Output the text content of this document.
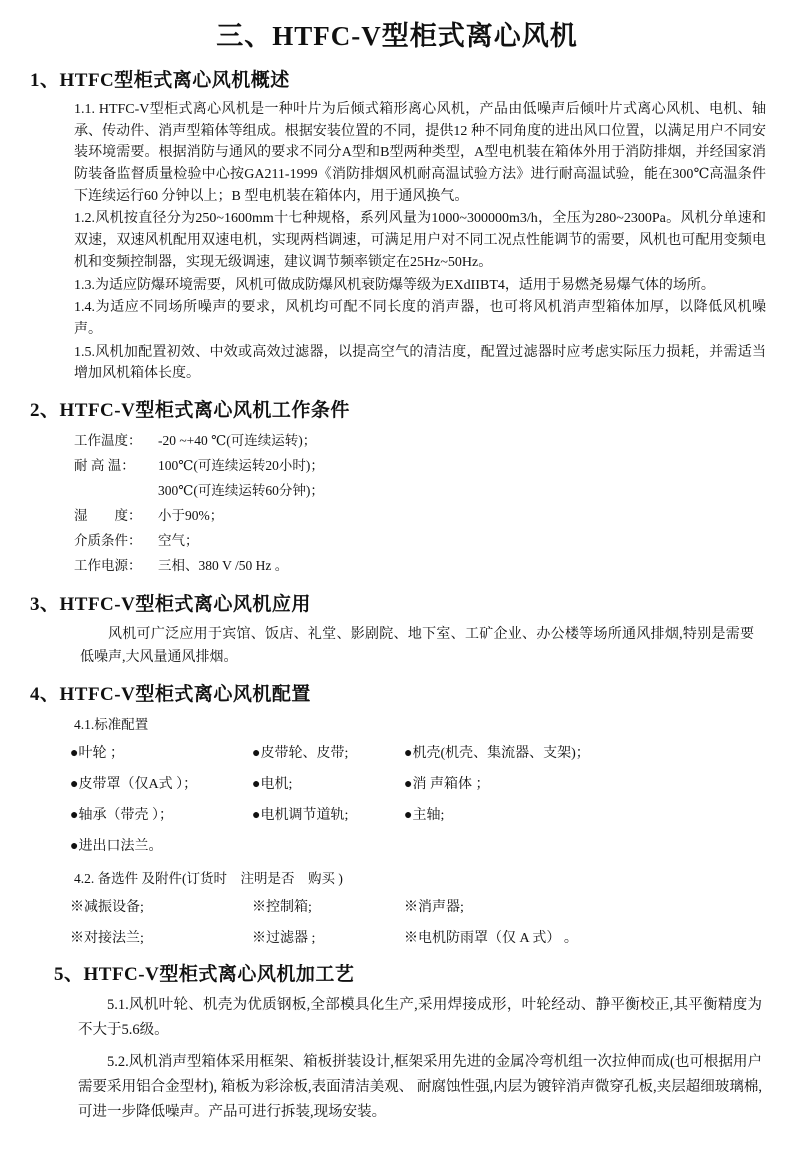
三、HTFC-V型柜式离心风机
1、HTFC型柜式离心风机概述

1.1. HTFC-V型柜式离心风机是一种叶片为后倾式箱形离心风机，产品由低噪声后倾叶片式离心风机、电机、轴承、传动件、消声型箱体等组成。根据安装位置的不同，提供12 种不同角度的进出风口位置，以满足用户不同安装环境需要。根据消防与通风的要求不同分A型和B型两种类型，A型电机装在箱体外用于消防排烟，并经国家消防装备监督质量检验中心按GA211-1999《消防排烟风机耐高温试验方法》进行耐高温试验，能在300℃高温条件下连续运行60 分钟以上；B 型电机装在箱体内，用于通风换气。

1.2.风机按直径分为250~1600mm十七种规格，系列风量为1000~300000m3/h，全压为280~2300Pa。风机分单速和双速，双速风机配用双速电机，实现两档调速，可满足用户对不同工况点性能调节的需要，风机也可配用变频电机和变频控制器，实现无级调速，建议调节频率锁定在25Hz~50Hz。

1.3.为适应防爆环境需要，风机可做成防爆风机衰防爆等级为EXdIIBT4，适用于易燃尧易爆气体的场所。

1.4.为适应不同场所噪声的要求，风机均可配不同长度的消声器，也可将风机消声型箱体加厚，以降低风机噪声。

1.5.风机加配置初效、中效或高效过滤器，以提高空气的清洁度，配置过滤器时应考虑实际压力损耗，并需适当增加风机箱体长度。

2、HTFC-V型柜式离心风机工作条件
工作温度：	-20 ~+40 ℃(可连续运转)；
耐 高 温：	100℃(可连续运转20小时)；
300℃(可连续运转60分钟)；
湿　　度：	小于90%；
介质条件：	空气；
工作电源：	三相、380 V /50 Hz 。
3、HTFC-V型柜式离心风机应用

风机可广泛应用于宾馆、饭店、礼堂、影剧院、地下室、工矿企业、办公楼等场所通风排烟,特别是需要低噪声,大风量通风排烟。

4、HTFC-V型柜式离心风机配置
4.1.标准配置
●叶轮 ；	●皮带轮、皮带;	●机壳(机壳、集流器、支架)；
●皮带罩（仅A式 ）；	●电机;	●消 声箱体 ；
●轴承（带壳 ）；	●电机调节道轨;	●主轴;
●进出口法兰。
4.2. 备选件 及附件(订货时　注明是否　购买 )
※减振设备;	※控制箱;	※消声器;
※对接法兰;	※过滤器 ;	※电机防雨罩（仅 A 式） 。
5、HTFC-V型柜式离心风机加工艺

5.1.风机叶轮、机壳为优质钢板,全部模具化生产,采用焊接成形，叶轮经动、静平衡校正,其平衡精度为不大于5.6级。

5.2.风机消声型箱体采用框架、箱板拼装设计,框架采用先进的金属冷弯机组一次拉伸而成(也可根据用户需要采用铝合金型材), 箱板为彩涂板,表面清洁美观、 耐腐蚀性强,内层为镀锌消声微穿孔板,夹层超细玻璃棉,可进一步降低噪声。产品可进行拆装,现场安装。
